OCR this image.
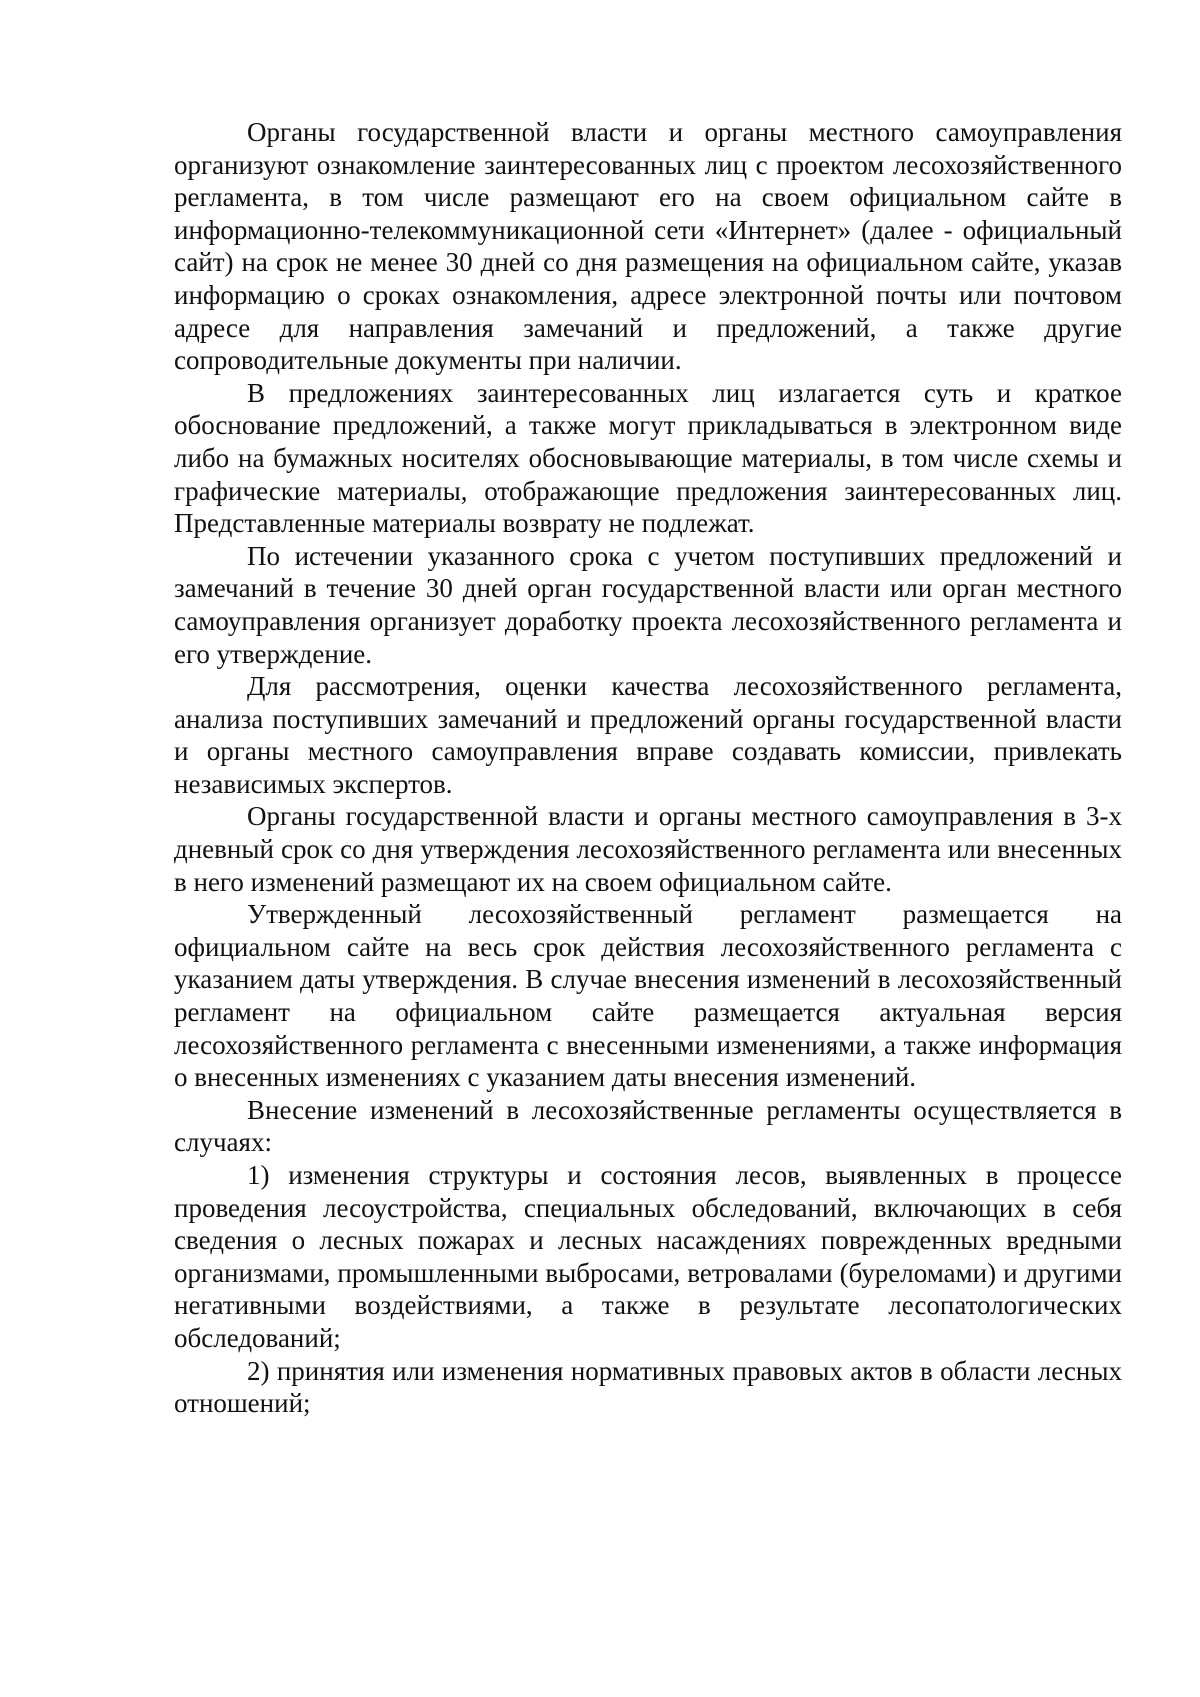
Органы государственной власти и органы местного самоуправления организуют ознакомление заинтересованных лиц с проектом лесохозяйственного регламента, в том числе размещают его на своем официальном сайте в информационно-телекоммуникационной сети «Интернет» (далее - официальный сайт) на срок не менее 30 дней со дня размещения на официальном сайте, указав информацию о сроках ознакомления, адресе электронной почты или почтовом адресе для направления замечаний и предложений, а также другие сопроводительные документы при наличии.

В предложениях заинтересованных лиц излагается суть и краткое обоснование предложений, а также могут прикладываться в электронном виде либо на бумажных носителях обосновывающие материалы, в том числе схемы и графические материалы, отображающие предложения заинтересованных лиц. Представленные материалы возврату не подлежат.

По истечении указанного срока с учетом поступивших предложений и замечаний в течение 30 дней орган государственной власти или орган местного самоуправления организует доработку проекта лесохозяйственного регламента и его утверждение.

Для рассмотрения, оценки качества лесохозяйственного регламента, анализа поступивших замечаний и предложений органы государственной власти и органы местного самоуправления вправе создавать комиссии, привлекать независимых экспертов.

Органы государственной власти и органы местного самоуправления в 3-х дневный срок со дня утверждения лесохозяйственного регламента или внесенных в него изменений размещают их на своем официальном сайте.

Утвержденный лесохозяйственный регламент размещается на официальном сайте на весь срок действия лесохозяйственного регламента с указанием даты утверждения. В случае внесения изменений в лесохозяйственный регламент на официальном сайте размещается актуальная версия лесохозяйственного регламента с внесенными изменениями, а также информация о внесенных изменениях с указанием даты внесения изменений.

Внесение изменений в лесохозяйственные регламенты осуществляется в случаях:

1) изменения структуры и состояния лесов, выявленных в процессе проведения лесоустройства, специальных обследований, включающих в себя сведения о лесных пожарах и лесных насаждениях поврежденных вредными организмами, промышленными выбросами, ветровалами (буреломами) и другими негативными воздействиями, а также в результате лесопатологических обследований;

2) принятия или изменения нормативных правовых актов в области лесных отношений;
